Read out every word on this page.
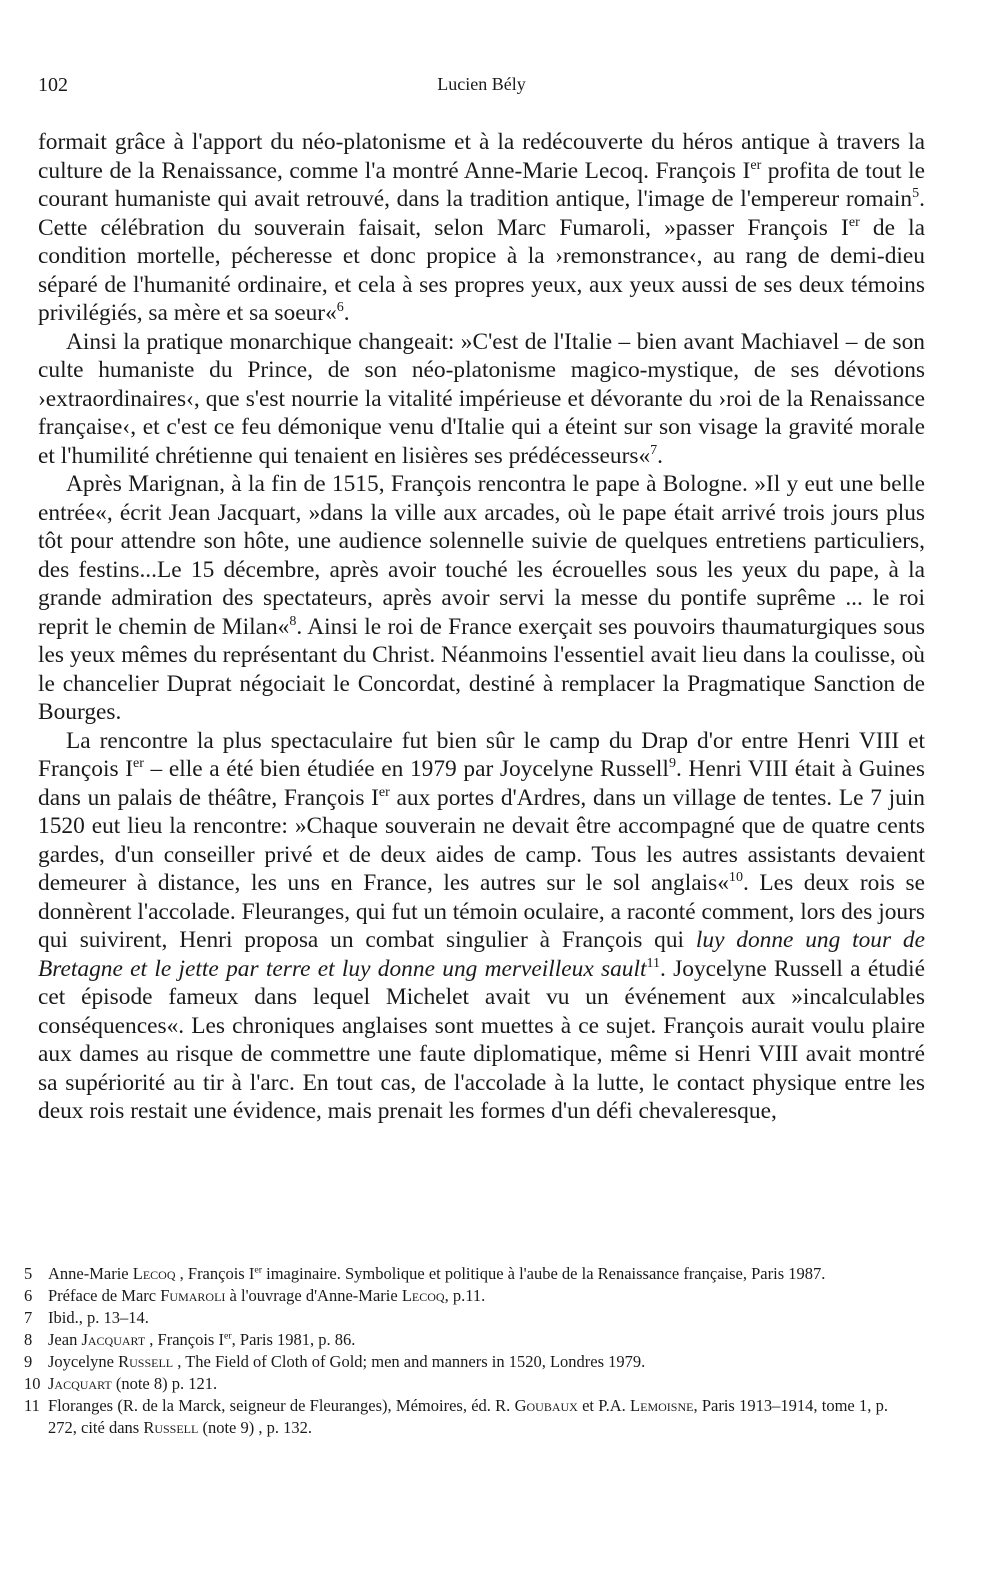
102	Lucien Bély

formait grâce à l'apport du néo-platonisme et à la redécouverte du héros antique à travers la culture de la Renaissance, comme l'a montré Anne-Marie Lecoq. François Ier profita de tout le courant humaniste qui avait retrouvé, dans la tradition antique, l'image de l'empereur romain$^5$. Cette célébration du souverain faisait, selon Marc Fumaroli, »passer François Ier de la condition mortelle, pécheresse et donc propice à la ›remonstrance‹, au rang de demi-dieu séparé de l'humanité ordinaire, et cela à ses propres yeux, aux yeux aussi de ses deux témoins privilégiés, sa mère et sa soeur«$^6$.

Ainsi la pratique monarchique changeait: »C'est de l'Italie – bien avant Machiavel – de son culte humaniste du Prince, de son néo-platonisme magico-mystique, de ses dévotions ›extraordinaires‹, que s'est nourrie la vitalité impérieuse et dévorante du ›roi de la Renaissance française‹, et c'est ce feu démonique venu d'Italie qui a éteint sur son visage la gravité morale et l'humilité chrétienne qui tenaient en lisières ses prédécesseurs«$^7$.

Après Marignan, à la fin de 1515, François rencontra le pape à Bologne. »Il y eut une belle entrée«, écrit Jean Jacquart, »dans la ville aux arcades, où le pape était arrivé trois jours plus tôt pour attendre son hôte, une audience solennelle suivie de quelques entretiens particuliers, des festins...Le 15 décembre, après avoir touché les écrouelles sous les yeux du pape, à la grande admiration des spectateurs, après avoir servi la messe du pontife suprême ... le roi reprit le chemin de Milan«$^8$. Ainsi le roi de France exerçait ses pouvoirs thaumaturgiques sous les yeux mêmes du représentant du Christ. Néanmoins l'essentiel avait lieu dans la coulisse, où le chancelier Duprat négociait le Concordat, destiné à remplacer la Pragmatique Sanction de Bourges.

La rencontre la plus spectaculaire fut bien sûr le camp du Drap d'or entre Henri VIII et François Ier – elle a été bien étudiée en 1979 par Joycelyne Russell$^9$. Henri VIII était à Guines dans un palais de théâtre, François Ier aux portes d'Ardres, dans un village de tentes. Le 7 juin 1520 eut lieu la rencontre: »Chaque souverain ne devait être accompagné que de quatre cents gardes, d'un conseiller privé et de deux aides de camp. Tous les autres assistants devaient demeurer à distance, les uns en France, les autres sur le sol anglais«$^{10}$. Les deux rois se donnèrent l'accolade. Fleuranges, qui fut un témoin oculaire, a raconté comment, lors des jours qui suivirent, Henri proposa un combat singulier à François qui luy donne ung tour de Bretagne et le jette par terre et luy donne ung merveilleux sault$^{11}$. Joycelyne Russell a étudié cet épisode fameux dans lequel Michelet avait vu un événement aux »incalculables conséquences«. Les chroniques anglaises sont muettes à ce sujet. François aurait voulu plaire aux dames au risque de commettre une faute diplomatique, même si Henri VIII avait montré sa supériorité au tir à l'arc. En tout cas, de l'accolade à la lutte, le contact physique entre les deux rois restait une évidence, mais prenait les formes d'un défi chevaleresque,

5 Anne-Marie Lecoq , François Ier imaginaire. Symbolique et politique à l'aube de la Renaissance française, Paris 1987.
6 Préface de Marc Fumaroli à l'ouvrage d'Anne-Marie Lecoq, p.11.
7 Ibid., p. 13–14.
8 Jean Jacquart , François Ier, Paris 1981, p. 86.
9 Joycelyne Russell , The Field of Cloth of Gold; men and manners in 1520, Londres 1979.
10 Jacquart (note 8) p. 121.
11 Floranges (R. de la Marck, seigneur de Fleuranges), Mémoires, éd. R. Goubaux et P.A. Lemoisne, Paris 1913–1914, tome 1, p. 272, cité dans Russell (note 9) , p. 132.
